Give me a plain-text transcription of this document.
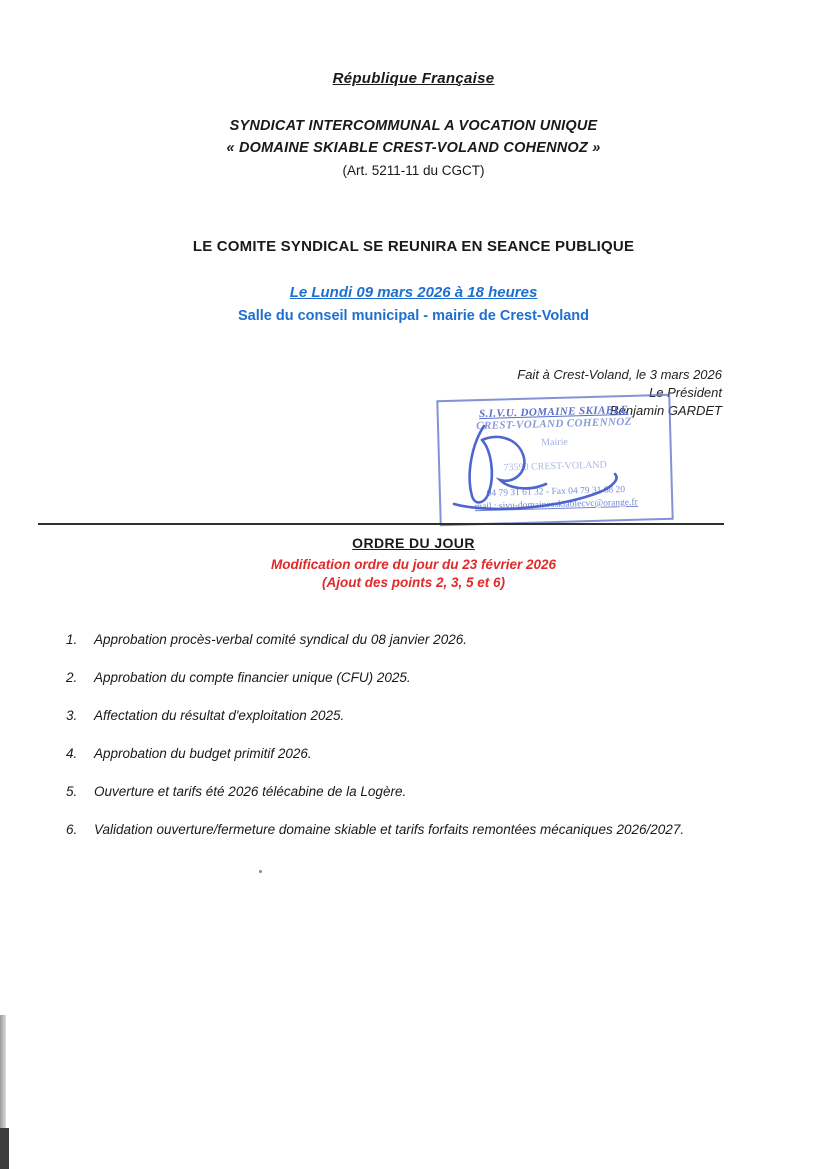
République Française
SYNDICAT INTERCOMMUNAL A VOCATION UNIQUE
« DOMAINE SKIABLE CREST-VOLAND COHENNOZ »
(Art. 5211-11 du CGCT)
LE COMITE SYNDICAL SE REUNIRA EN SEANCE PUBLIQUE
Le Lundi 09 mars 2026 à 18 heures
Salle du conseil municipal - mairie de Crest-Voland
Fait à Crest-Voland, le 3 mars 2026
Le Président
Benjamin GARDET
S.I.V.U. DOMAINE SKIABLE
CREST-VOLAND COHENNOZ
Mairie
73590 CREST-VOLAND
04 79 31 61 32 - Fax 04 79 31 68 20
mail : sivu-domainesskiablecvc@orange.fr
ORDRE DU JOUR
Modification ordre du jour du 23 février 2026
(Ajout des points 2, 3, 5 et 6)
1. Approbation procès-verbal comité syndical du 08 janvier 2026.
2. Approbation du compte financier unique (CFU) 2025.
3. Affectation du résultat d'exploitation 2025.
4. Approbation du budget primitif 2026.
5. Ouverture et tarifs été 2026 télécabine de la Logère.
6. Validation ouverture/fermeture domaine skiable et tarifs forfaits remontées mécaniques 2026/2027.
